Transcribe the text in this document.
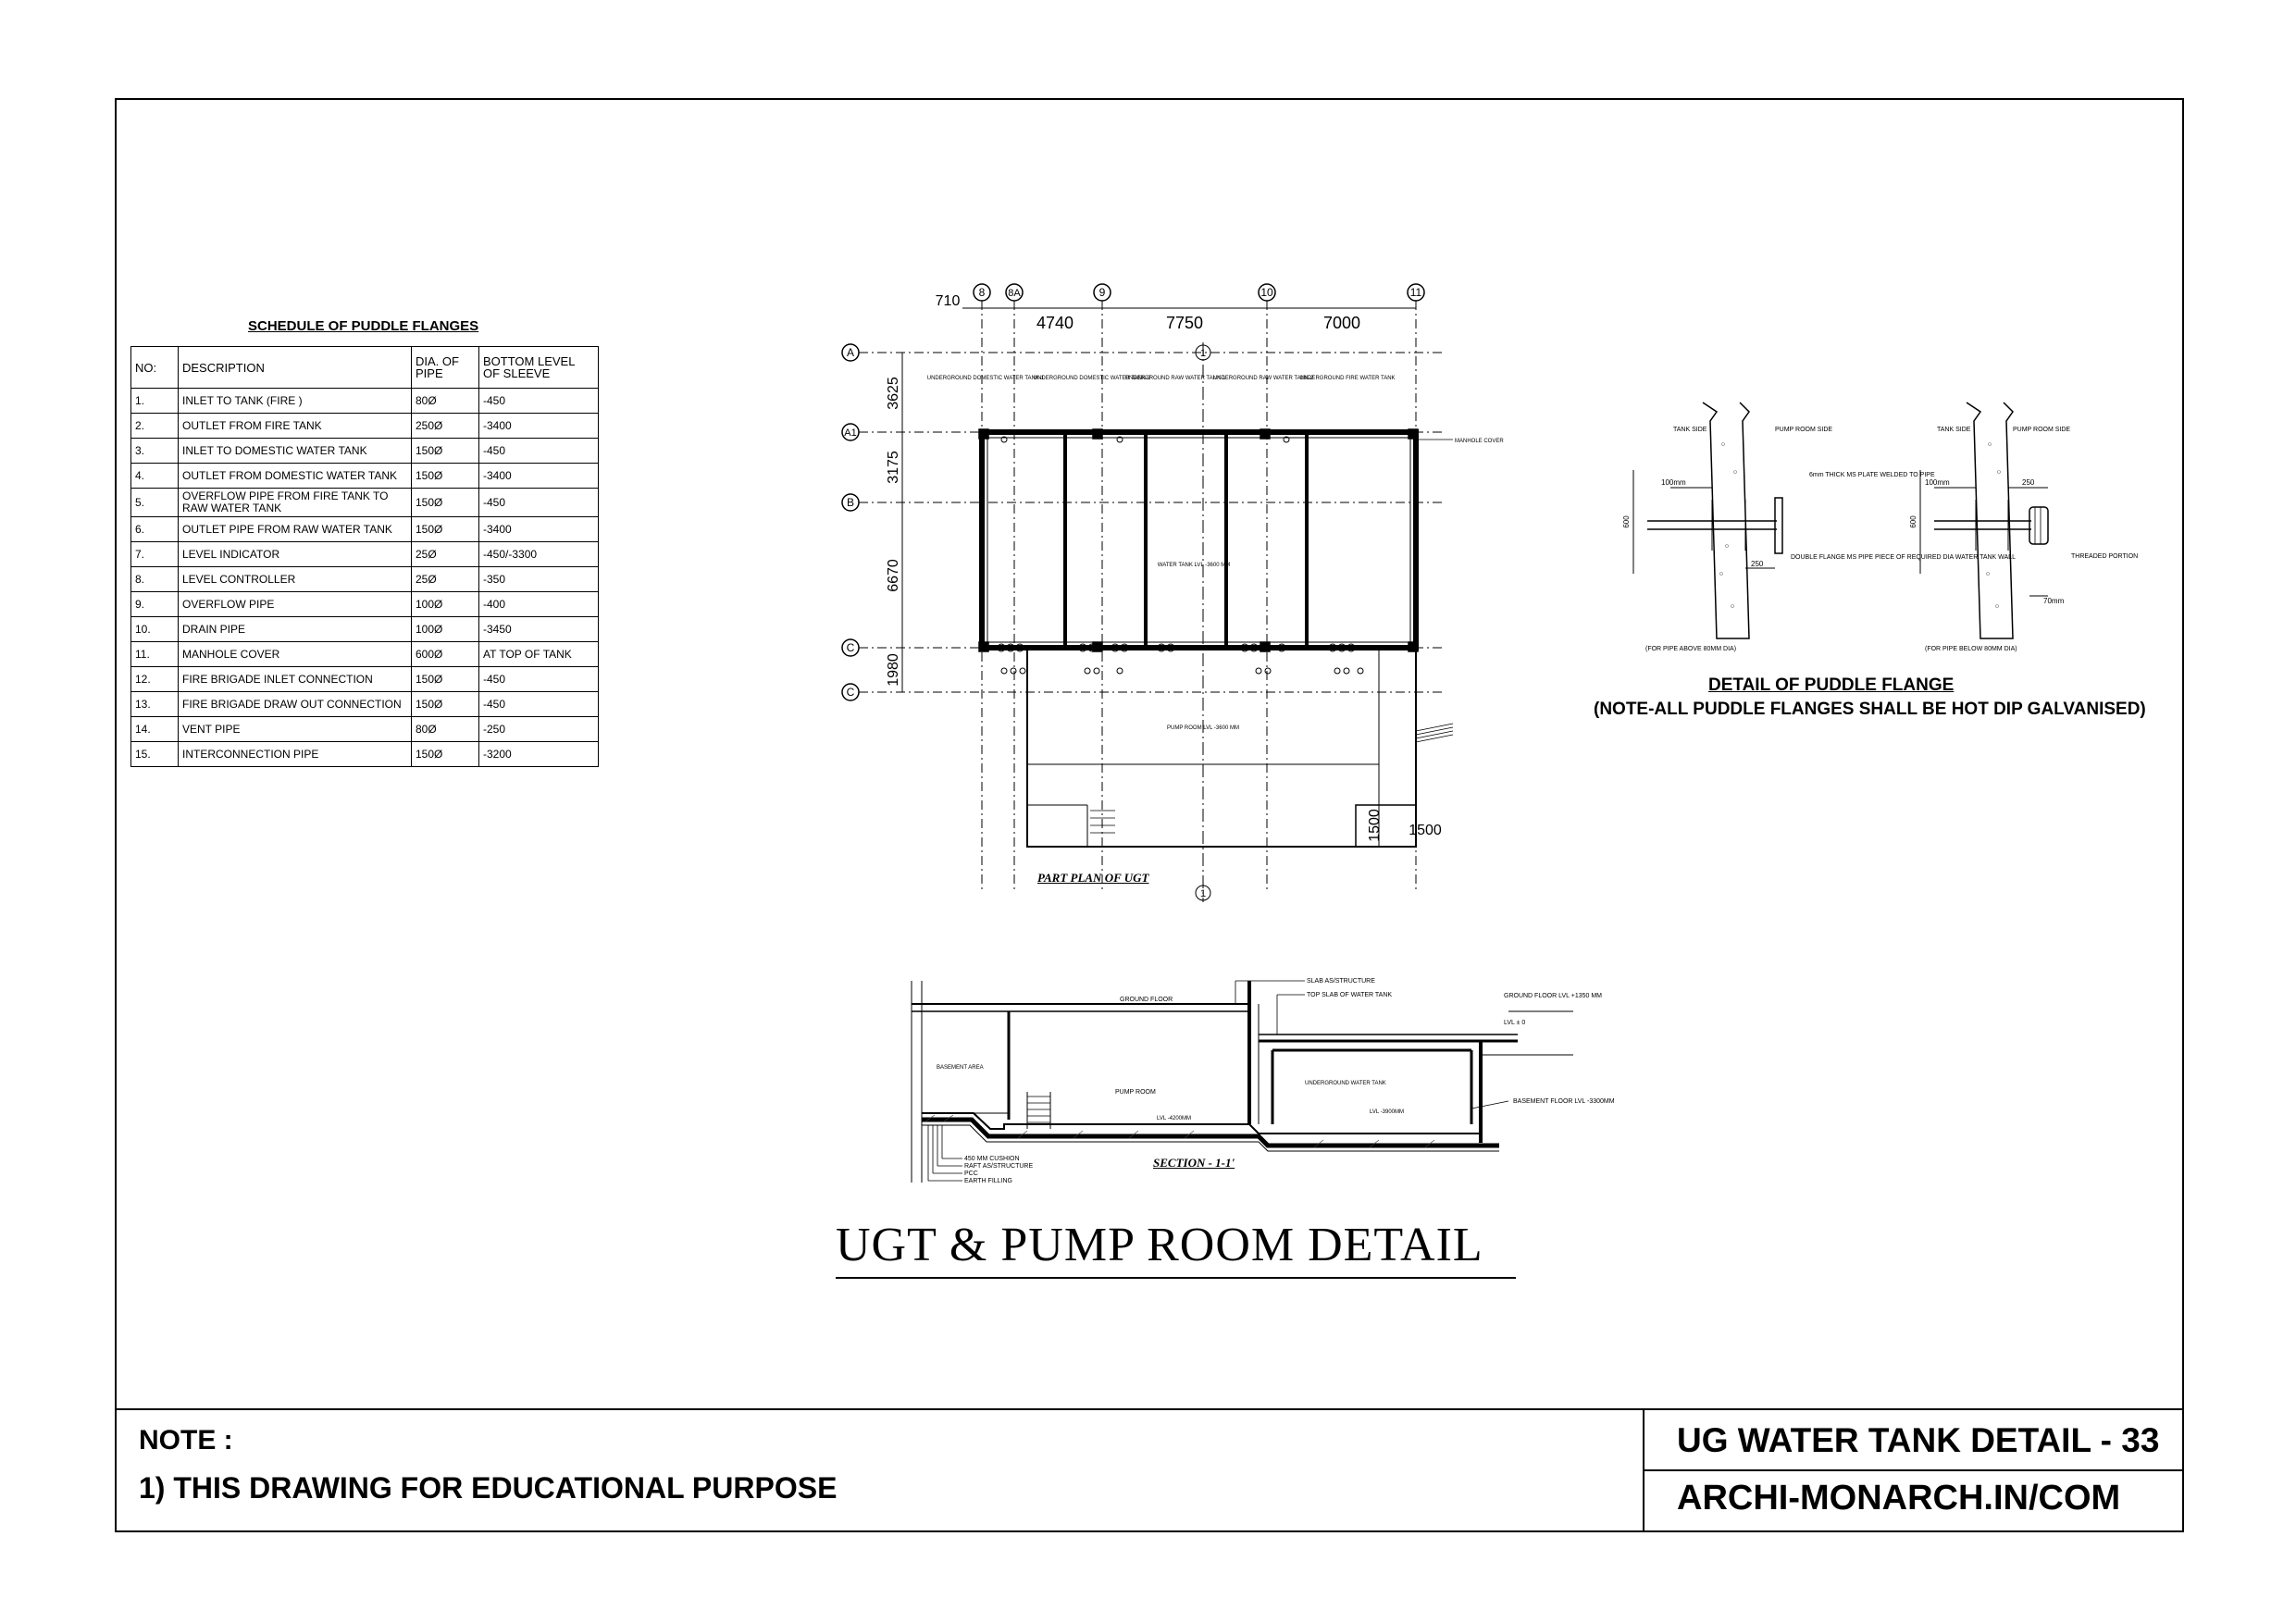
SCHEDULE OF PUDDLE FLANGES
NO:	DESCRIPTION	DIA. OF PIPE	BOTTOM LEVEL OF SLEEVE
1.	INLET TO TANK (FIRE )	80Ø	-450
2.	OUTLET FROM FIRE TANK	250Ø	-3400
3.	INLET TO DOMESTIC WATER TANK	150Ø	-450
4.	OUTLET FROM DOMESTIC WATER TANK	150Ø	-3400
5.	OVERFLOW PIPE FROM FIRE TANK TO RAW WATER TANK	150Ø	-450
6.	OUTLET PIPE FROM RAW WATER TANK	150Ø	-3400
7.	LEVEL INDICATOR	25Ø	-450/-3300
8.	LEVEL CONTROLLER	25Ø	-350
9.	OVERFLOW PIPE	100Ø	-400
10.	DRAIN PIPE	100Ø	-3450
11.	MANHOLE COVER	600Ø	AT TOP OF TANK
12.	FIRE BRIGADE INLET CONNECTION	150Ø	-450
13.	FIRE BRIGADE DRAW OUT CONNECTION	150Ø	-450
14.	VENT PIPE	80Ø	-250
15.	INTERCONNECTION PIPE	150Ø	-3200
8 8A	9	10	11
A
A1
B
C
C
710
4740	7750	7000
3625
3175
6670
1980
1500 1500
UNDERGROUND DOMESTIC WATER TANK-1
UNDERGROUND DOMESTIC WATER TANK-2
UNDERGROUND RAW WATER TANK-1
UNDERGROUND RAW WATER TANK-2
UNDERGROUND FIRE WATER TANK
WATER TANK LVL -3600 MM
PUMP ROOM LVL -3600 MM
MANHOLE COVER
1
1
SLAB AS/STRUCTURE
TOP SLAB OF WATER TANK	GROUND FLOOR LVL +1350 MM
LVL ± 0
GROUND FLOOR
BASEMENT AREA
PUMP ROOM
UNDERGROUND WATER TANK
BASEMENT FLOOR LVL -3300MM
LVL -4200MM
LVL -3900MM
450 MM CUSHION
RAFT AS/STRUCTURE
PCC
EARTH FILLING
TANK SIDE	PUMP ROOM SIDE
6mm THICK MS PLATE WELDED TO PIPE
DOUBLE FLANGE MS PIPE PIECE OF REQUIRED DIA WATER TANK WALL
100mm
250
600
(FOR PIPE ABOVE 80MM DIA)
TANK SIDE	PUMP ROOM SIDE
THREADED PORTION
100mm	250
600
70mm
(FOR PIPE BELOW 80MM DIA)
PART PLAN OF UGT
SECTION - 1-1'
DETAIL OF PUDDLE FLANGE
(NOTE-ALL PUDDLE FLANGES SHALL BE HOT DIP GALVANISED)
UGT & PUMP ROOM DETAIL
NOTE :
1) THIS DRAWING FOR EDUCATIONAL PURPOSE
UG WATER TANK DETAIL - 33
ARCHI-MONARCH.IN/COM
